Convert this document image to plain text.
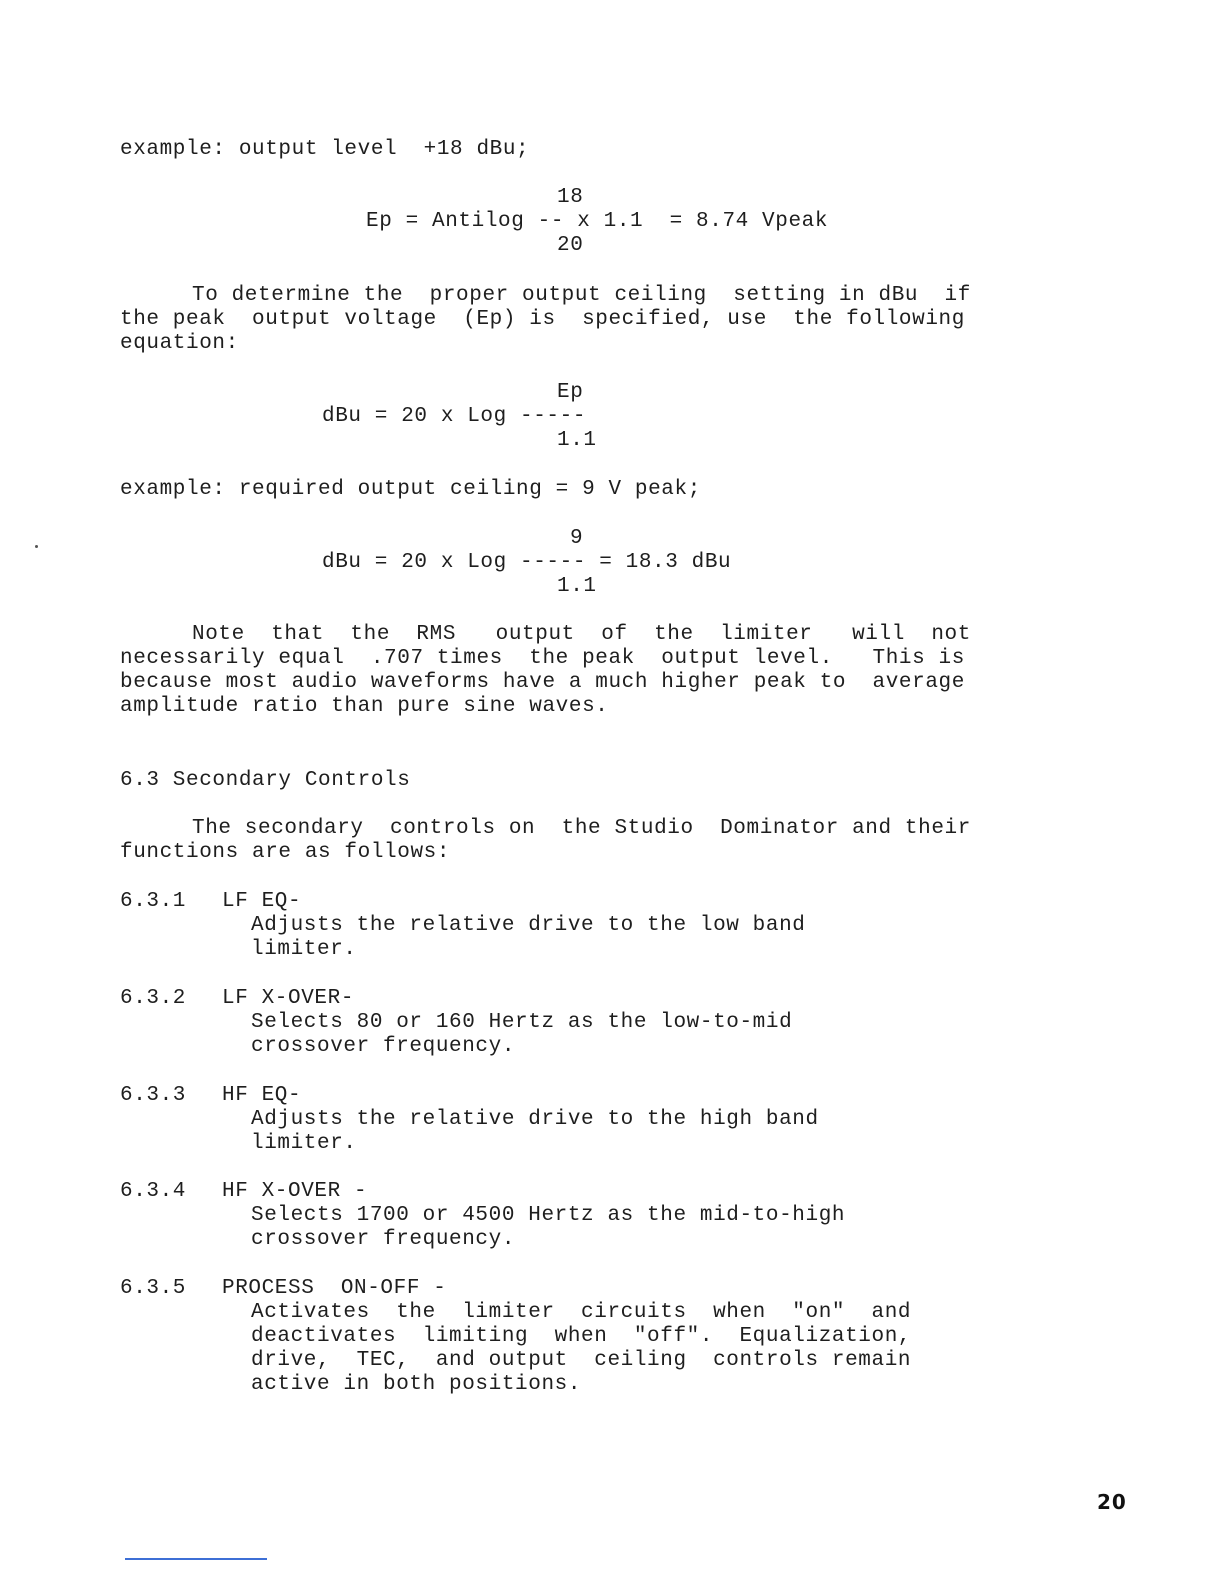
example: output level  +18 dBu;
18
Ep = Antilog -- x 1.1  = 8.74 Vpeak
20
To determine the  proper output ceiling  setting in dBu  if
the peak  output voltage  (Ep) is  specified, use  the following
equation:
Ep
dBu = 20 x Log -----
1.1
example: required output ceiling = 9 V peak;
9
dBu = 20 x Log ----- = 18.3 dBu
1.1
Note  that  the  RMS   output  of  the  limiter   will  not
necessarily equal  .707 times  the peak  output level.   This is
because most audio waveforms have a much higher peak to  average
amplitude ratio than pure sine waves.
6.3 Secondary Controls
The secondary  controls on  the Studio  Dominator and their
functions are as follows:
6.3.1 LF EQ-
Adjusts the relative drive to the low band
limiter.
6.3.2 LF X-OVER-
Selects 80 or 160 Hertz as the low-to-mid
crossover frequency.
6.3.3 HF EQ-
Adjusts the relative drive to the high band
limiter.
6.3.4 HF X-OVER -
Selects 1700 or 4500 Hertz as the mid-to-high
crossover frequency.
6.3.5 PROCESS  ON-OFF -
Activates  the  limiter  circuits  when  "on"  and
deactivates  limiting  when  "off".  Equalization,
drive,  TEC,  and output  ceiling  controls remain
active in both positions.
20
